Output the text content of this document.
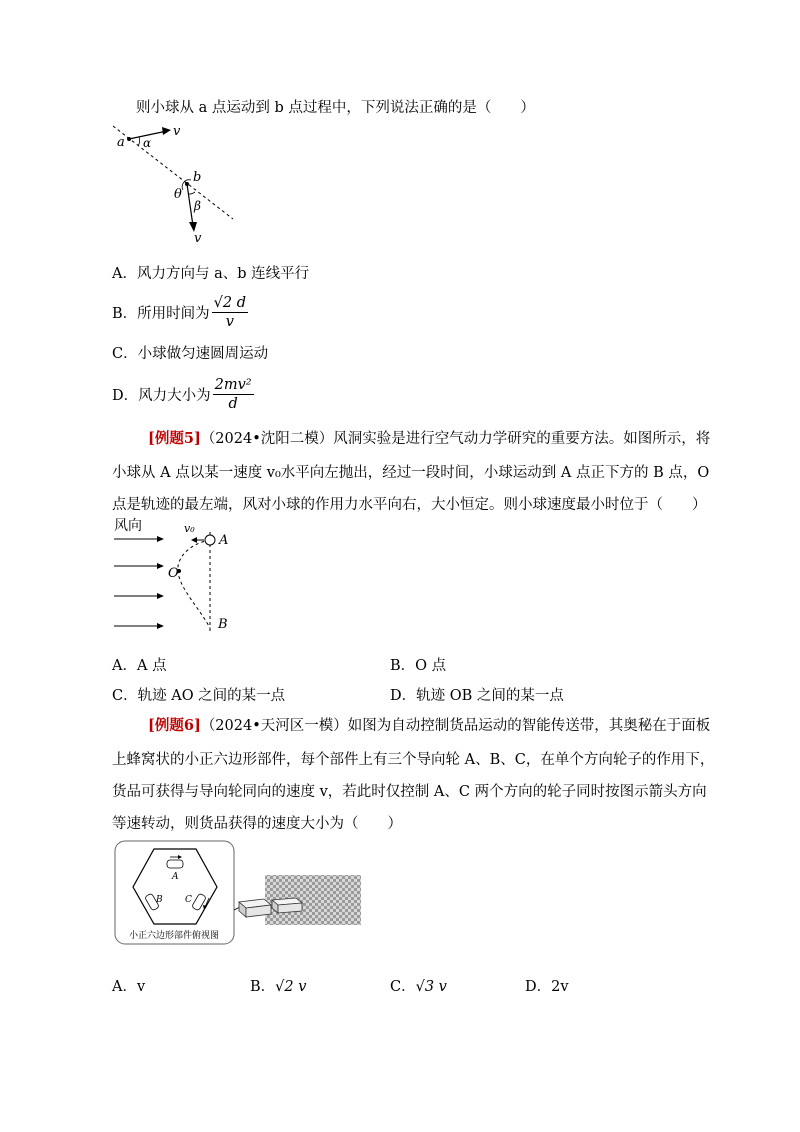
则小球从 a 点运动到 b 点过程中，下列说法正确的是（　　）
a α
v
b
θ
β
v
A．风力方向与 a、b 连线平行
B． 所用时间为 $\frac{√2 d}{v}$
C．小球做匀速圆周运动
D． 风力大小为 $\frac{\text{2mv²}}{d}$
[例题5]（2024•沈阳二模）风洞实验是进行空气动力学研究的重要方法。如图所示，将
小球从 A 点以某一速度 v₀水平向左抛出，经过一段时间，小球运动到 A 点正下方的 B 点，O
点是轨迹的最左端，风对小球的作用力水平向右，大小恒定。则小球速度最小时位于（　　）
风向	v₀
A
O
B
A．A 点	B．O 点
C．轨迹 AO 之间的某一点	D．轨迹 OB 之间的某一点
[例题6]（2024•天河区一模）如图为自动控制货品运动的智能传送带，其奥秘在于面板
上蜂窝状的小正六边形部件，每个部件上有三个导向轮 A、B、C，在单个方向轮子的作用下，
货品可获得与导向轮同向的速度 v，若此时仅控制 A、C 两个方向的轮子同时按图示箭头方向
等速转动，则货品获得的速度大小为（　　）
A
B C
小正六边形部件俯视图
A．v	B．√2 v	C．√3 v	D．2v
